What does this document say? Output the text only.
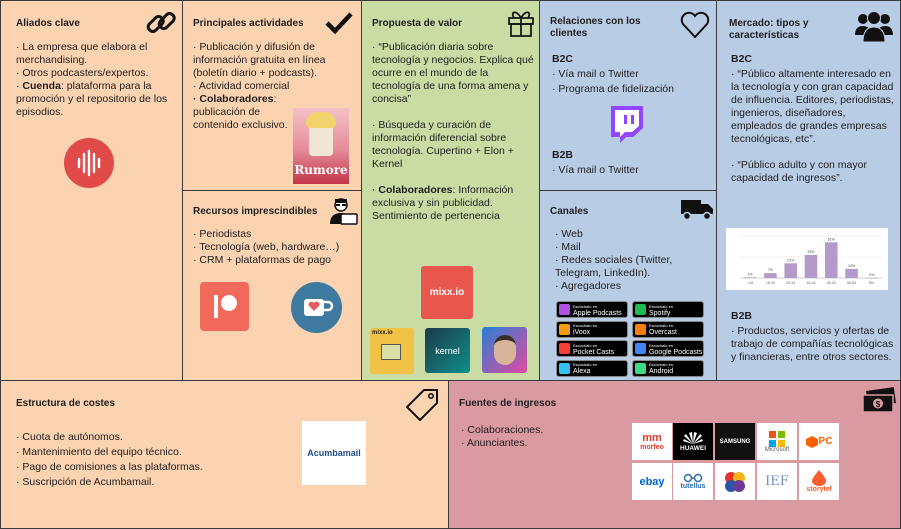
Aliados clave
· La empresa que elabora el merchandising.
· Otros podcasters/expertos.
· Cuenda: plataforma para la promoción y el repositorio de los episodios.
Principales actividades
· Publicación y difusión de información gratuita en línea (boletín diario + podcasts).
· Actividad comercial
· Colaboradores: publicación de contenido exclusivo.
Rumore
Recursos imprescindibles
· Periodistas
· Tecnología (web, hardware…)
· CRM + plataformas de pago
Propuesta de valor
· “Publicación diaria sobre tecnología y negocios. Explica qué ocurre en el mundo de la tecnología de una forma amena y concisa”
· Búsqueda y curación de información diferencial sobre tecnología. Cupertino + Elon + Kernel
· Colaboradores: Información exclusiva y sin publicidad. Sentimiento de pertenencia
mixx.io
mixx.io
kernel
Relaciones con los clientes
B2C
· Vía mail o Twitter
· Programa de fidelización
B2B
· Vía mail o Twitter
Canales
· Web
· Mail
· Redes sociales (Twitter, Telegram, LinkedIn).
· Agregadores
Escúchalo en
Apple Podcasts
Escúchalo en
Spotify
Escúchalo en
iVoox
Escúchalo en
Overcast
Escúchalo en
Pocket Casts
Escúchalo en
Google Podcasts
Escúchalo en
Alexa
Escúchalo en
Android
Mercado: tipos y características
B2C
· “Público altamente interesado en la tecnología y con gran capacidad de influencia. Editores, periodistas, ingenieros, diseñadores, empleados de grandes empresas tecnológicas, etc”.
· “Público adulto y con mayor capacidad de ingresos”.
1%
<18
7%
18-24
21%
25-34
33%
35-44
51%
45-54
13%
55-64
0%
65+
B2B
· Productos, servicios y ofertas de trabajo de compañías tecnológicas y financieras, entre otros sectores.
Estructura de costes
· Cuota de autónomos.
· Mantenimiento del equipo técnico.
· Pago de comisiones a las plataformas.
· Suscripción de Acumbamail.
Acumbamail
Fuentes de ingresos	$
· Colaboraciones.
· Anunciantes.	mm
morfeo HUAWEI
SAMSUNG
Microsoft
PC
ebay tutellus	IEF
storytel
